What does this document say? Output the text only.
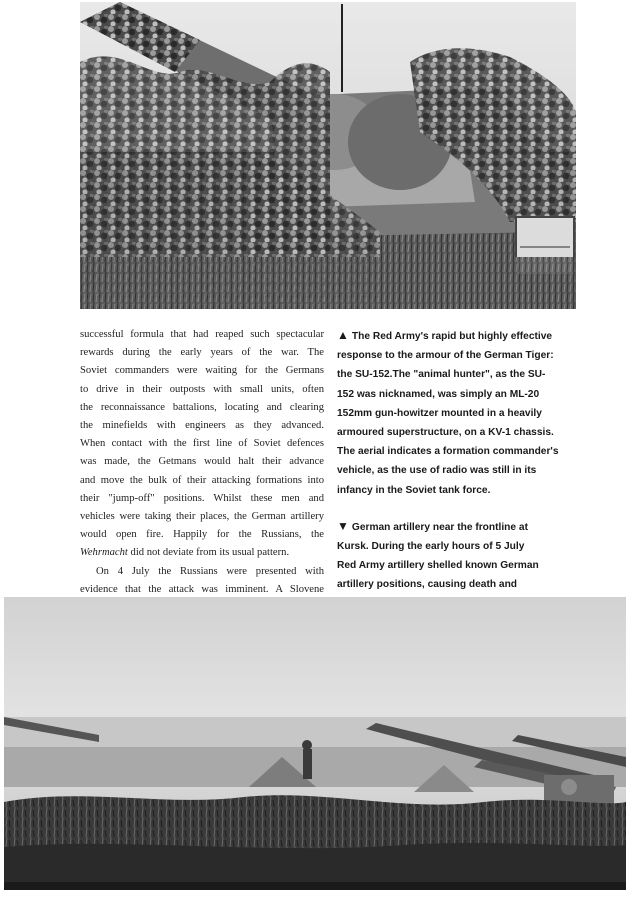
successful formula that had reaped such spectacular
rewards during the early years of the war. The
Soviet commanders were waiting for the Germans
to drive in their outposts with small units, often
the reconnaissance battalions, locating and clearing
the minefields with engineers as they advanced.
When contact with the first line of Soviet defences
was made, the Getmans would halt their advance
and move the bulk of their attacking formations into
their "jump-off" positions. Whilst these men and
vehicles were taking their places, the German artillery
would open fire. Happily for the Russians, the
Wehrmacht did not deviate from its usual pattern.

On 4 July the Russians were presented with
evidence that the attack was imminent. A Slovene

▲ The Red Army's rapid but highly effective
response to the armour of the German Tiger:
the SU-152.The "animal hunter", as the SU-
152 was nicknamed, was simply an ML-20
152mm gun-howitzer mounted in a heavily
armoured superstructure, on a KV-1 chassis.
The aerial indicates a formation commander's
vehicle, as the use of radio was still in its
infancy in the Soviet tank force.

▼ German artillery near the frontline at
Kursk. During the early hours of 5 July
Red Army artillery shelled known German
artillery positions, causing death and
